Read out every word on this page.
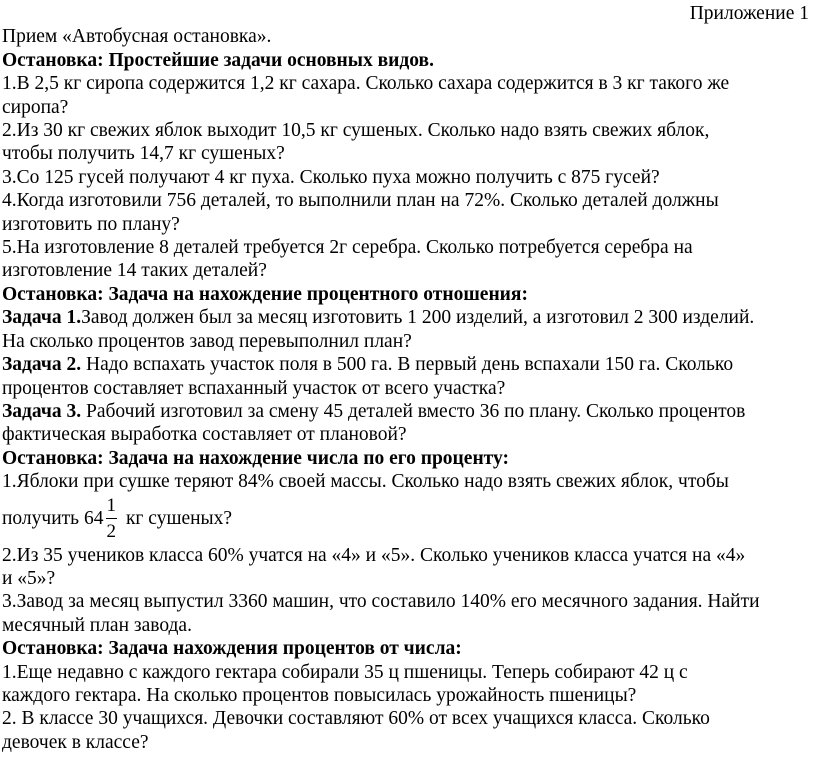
Приложение 1
Прием «Автобусная остановка».
Остановка: Простейшие задачи основных видов.
1.В 2,5 кг сиропа содержится 1,2 кг сахара. Сколько сахара содержится в 3 кг такого же
сиропа?
2.Из 30 кг свежих яблок выходит 10,5 кг сушеных. Сколько надо взять свежих яблок,
чтобы получить 14,7 кг сушеных?
3.Со 125 гусей получают 4 кг пуха. Сколько пуха можно получить с 875 гусей?
4.Когда изготовили 756 деталей, то выполнили план на 72%. Сколько деталей должны
изготовить по плану?
5.На изготовление 8 деталей требуется 2г серебра. Сколько потребуется серебра на
изготовление 14 таких деталей?
Остановка: Задача на нахождение процентного отношения:
Задача 1.Завод должен был за месяц изготовить 1 200 изделий, а изготовил 2 300 изделий.
На сколько процентов завод перевыполнил план?
Задача 2. Надо вспахать участок поля в 500 га. В первый день вспахали 150 га. Сколько
процентов составляет вспаханный участок от всего участка?
Задача 3. Рабочий изготовил за смену 45 деталей вместо 36 по плану. Сколько процентов
фактическая выработка составляет от плановой?
Остановка: Задача на нахождение числа по его проценту:
1.Яблоки при сушке теряют 84% своей массы. Сколько надо взять свежих яблок, чтобы
получить $64 \frac{1}{2}$ кг сушеных?
2.Из 35 учеников класса 60% учатся на «4» и «5». Сколько учеников класса учатся на «4»
и «5»?
3.Завод за месяц выпустил 3360 машин, что составило 140% его месячного задания. Найти
месячный план завода.
Остановка: Задача нахождения процентов от числа:
1.Еще недавно с каждого гектара собирали 35 ц пшеницы. Теперь собирают 42 ц с
каждого гектара. На сколько процентов повысилась урожайность пшеницы?
2. В классе 30 учащихся. Девочки составляют 60% от всех учащихся класса. Сколько
девочек в классе?
